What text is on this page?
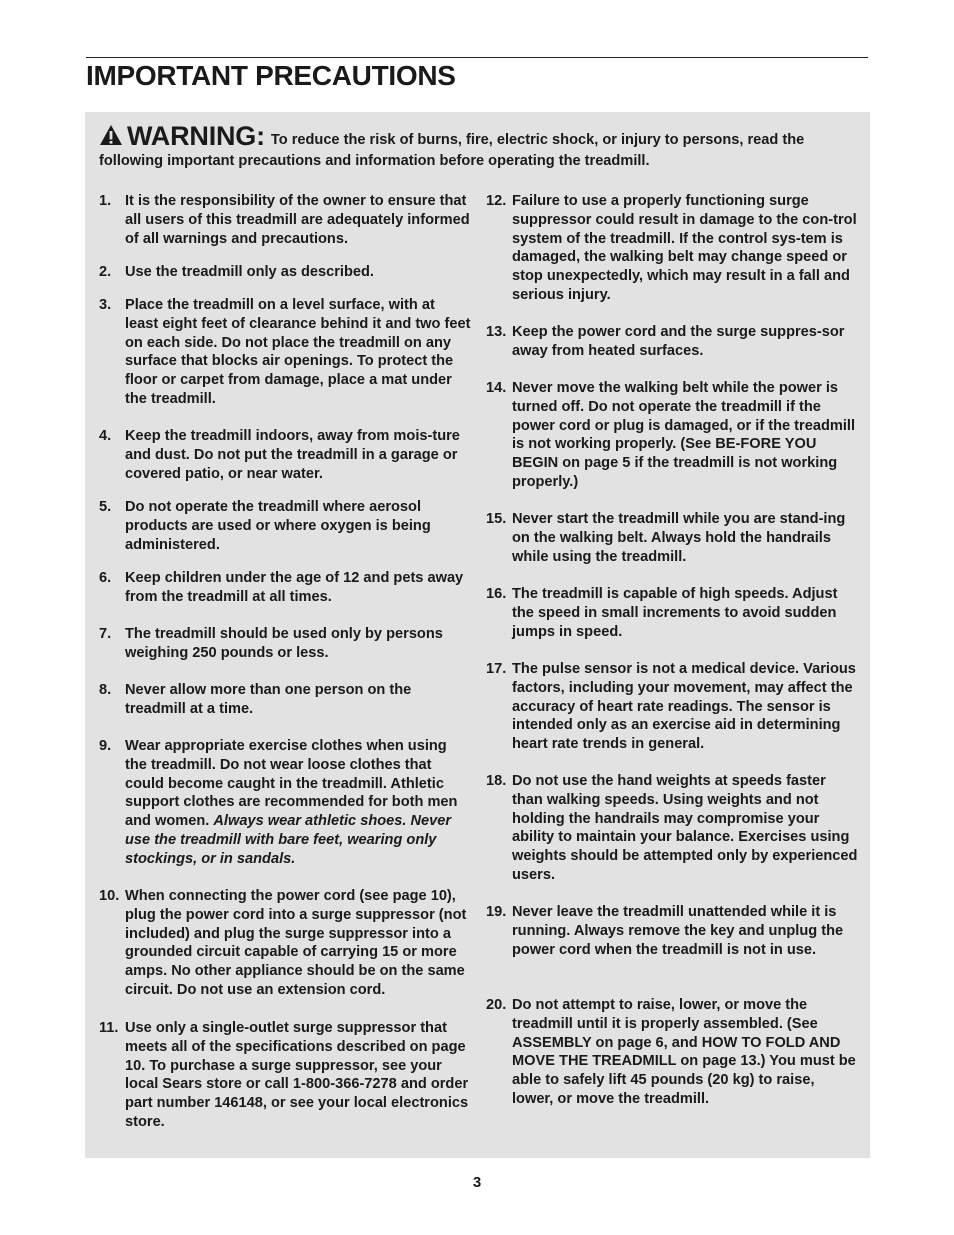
IMPORTANT PRECAUTIONS
WARNING: To reduce the risk of burns, fire, electric shock, or injury to persons, read the
following important precautions and information before operating the treadmill.
1. It is the responsibility of the owner to ensure that all users of this treadmill are adequately informed of all warnings and precautions.
2. Use the treadmill only as described.
3. Place the treadmill on a level surface, with at least eight feet of clearance behind it and two feet on each side. Do not place the treadmill on any surface that blocks air openings. To protect the floor or carpet from damage, place a mat under the treadmill.
4. Keep the treadmill indoors, away from mois-ture and dust. Do not put the treadmill in a garage or covered patio, or near water.
5. Do not operate the treadmill where aerosol products are used or where oxygen is being administered.
6. Keep children under the age of 12 and pets away from the treadmill at all times.
7. The treadmill should be used only by persons weighing 250 pounds or less.
8. Never allow more than one person on the treadmill at a time.
9. Wear appropriate exercise clothes when using the treadmill. Do not wear loose clothes that could become caught in the treadmill. Athletic support clothes are recommended for both men and women. Always wear athletic shoes. Never use the treadmill with bare feet, wearing only stockings, or in sandals.
10. When connecting the power cord (see page 10), plug the power cord into a surge suppressor (not included) and plug the surge suppressor into a grounded circuit capable of carrying 15 or more amps. No other appliance should be on the same circuit. Do not use an extension cord.
11. Use only a single-outlet surge suppressor that meets all of the specifications described on page 10. To purchase a surge suppressor, see your local Sears store or call 1-800-366-7278 and order part number 146148, or see your local electronics store.
12. Failure to use a properly functioning surge suppressor could result in damage to the con-trol system of the treadmill. If the control sys-tem is damaged, the walking belt may change speed or stop unexpectedly, which may result in a fall and serious injury.
13. Keep the power cord and the surge suppres-sor away from heated surfaces.
14. Never move the walking belt while the power is turned off. Do not operate the treadmill if the power cord or plug is damaged, or if the treadmill is not working properly. (See BE-FORE YOU BEGIN on page 5 if the treadmill is not working properly.)
15. Never start the treadmill while you are stand-ing on the walking belt. Always hold the handrails while using the treadmill.
16. The treadmill is capable of high speeds. Adjust the speed in small increments to avoid sudden jumps in speed.
17. The pulse sensor is not a medical device. Various factors, including your movement, may affect the accuracy of heart rate readings. The sensor is intended only as an exercise aid in determining heart rate trends in general.
18. Do not use the hand weights at speeds faster than walking speeds. Using weights and not holding the handrails may compromise your ability to maintain your balance. Exercises using weights should be attempted only by experienced users.
19. Never leave the treadmill unattended while it is running. Always remove the key and unplug the power cord when the treadmill is not in use.
20. Do not attempt to raise, lower, or move the treadmill until it is properly assembled. (See ASSEMBLY on page 6, and HOW TO FOLD AND MOVE THE TREADMILL on page 13.) You must be able to safely lift 45 pounds (20 kg) to raise, lower, or move the treadmill.
3
